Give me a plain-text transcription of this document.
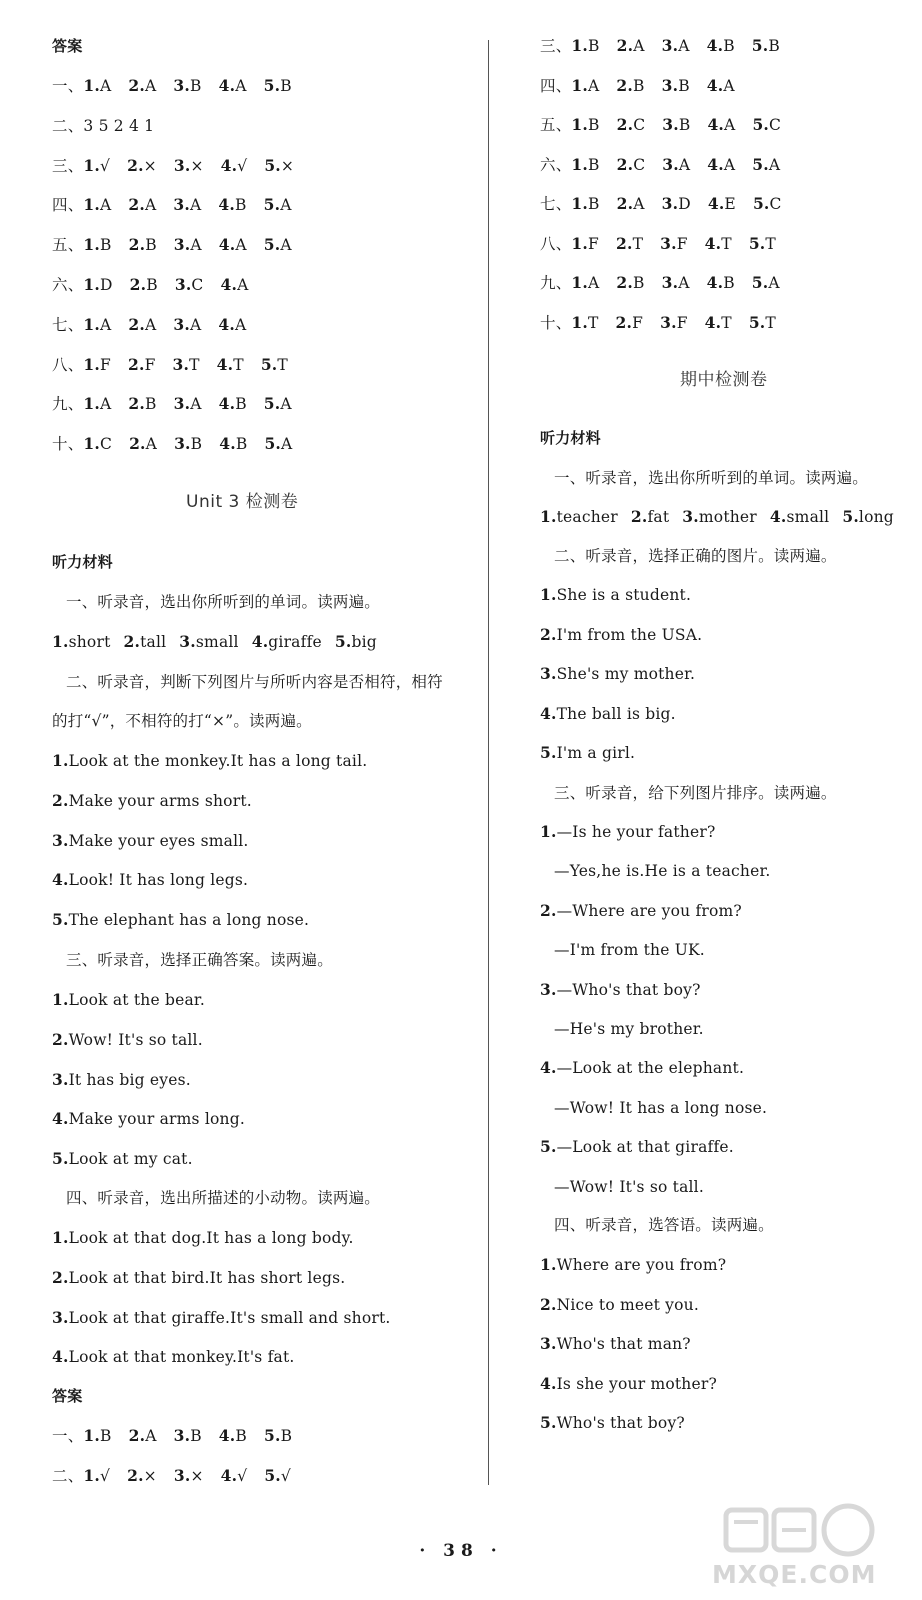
答案
一、1.A 2.A 3.B 4.A 5.B
二、3 5 2 4 1
三、1.√ 2.× 3.× 4.√ 5.×
四、1.A 2.A 3.A 4.B 5.A
五、1.B 2.B 3.A 4.A 5.A
六、1.D 2.B 3.C 4.A
七、1.A 2.A 3.A 4.A
八、1.F 2.F 3.T 4.T 5.T
九、1.A 2.B 3.A 4.B 5.A
十、1.C 2.A 3.B 4.B 5.A
Unit 3 检测卷
听力材料
一、听录音，选出你所听到的单词。读两遍。
1.short 2.tall 3.small 4.giraffe 5.big
二、听录音，判断下列图片与所听内容是否相符，相符
的打“√”，不相符的打“×”。读两遍。
1.Look at the monkey.It has a long tail.
2.Make your arms short.
3.Make your eyes small.
4.Look! It has long legs.
5.The elephant has a long nose.
三、听录音，选择正确答案。读两遍。
1.Look at the bear.
2.Wow! It's so tall.
3.It has big eyes.
4.Make your arms long.
5.Look at my cat.
四、听录音，选出所描述的小动物。读两遍。
1.Look at that dog.It has a long body.
2.Look at that bird.It has short legs.
3.Look at that giraffe.It's small and short.
4.Look at that monkey.It's fat.
答案
一、1.B 2.A 3.B 4.B 5.B
二、1.√ 2.× 3.× 4.√ 5.√
三、1.B 2.A 3.A 4.B 5.B
四、1.A 2.B 3.B 4.A
五、1.B 2.C 3.B 4.A 5.C
六、1.B 2.C 3.A 4.A 5.A
七、1.B 2.A 3.D 4.E 5.C
八、1.F 2.T 3.F 4.T 5.T
九、1.A 2.B 3.A 4.B 5.A
十、1.T 2.F 3.F 4.T 5.T
期中检测卷
听力材料
一、听录音，选出你所听到的单词。读两遍。
1.teacher 2.fat 3.mother 4.small 5.long
二、听录音，选择正确的图片。读两遍。
1.She is a student.
2.I'm from the USA.
3.She's my mother.
4.The ball is big.
5.I'm a girl.
三、听录音，给下列图片排序。读两遍。
1.—Is he your father?
—Yes,he is.He is a teacher.
2.—Where are you from?
—I'm from the UK.
3.—Who's that boy?
—He's my brother.
4.—Look at the elephant.
—Wow! It has a long nose.
5.—Look at that giraffe.
—Wow! It's so tall.
四、听录音，选答语。读两遍。
1.Where are you from?
2.Nice to meet you.
3.Who's that man?
4.Is she your mother?
5.Who's that boy?
· 38 ·
MXQE.COM
